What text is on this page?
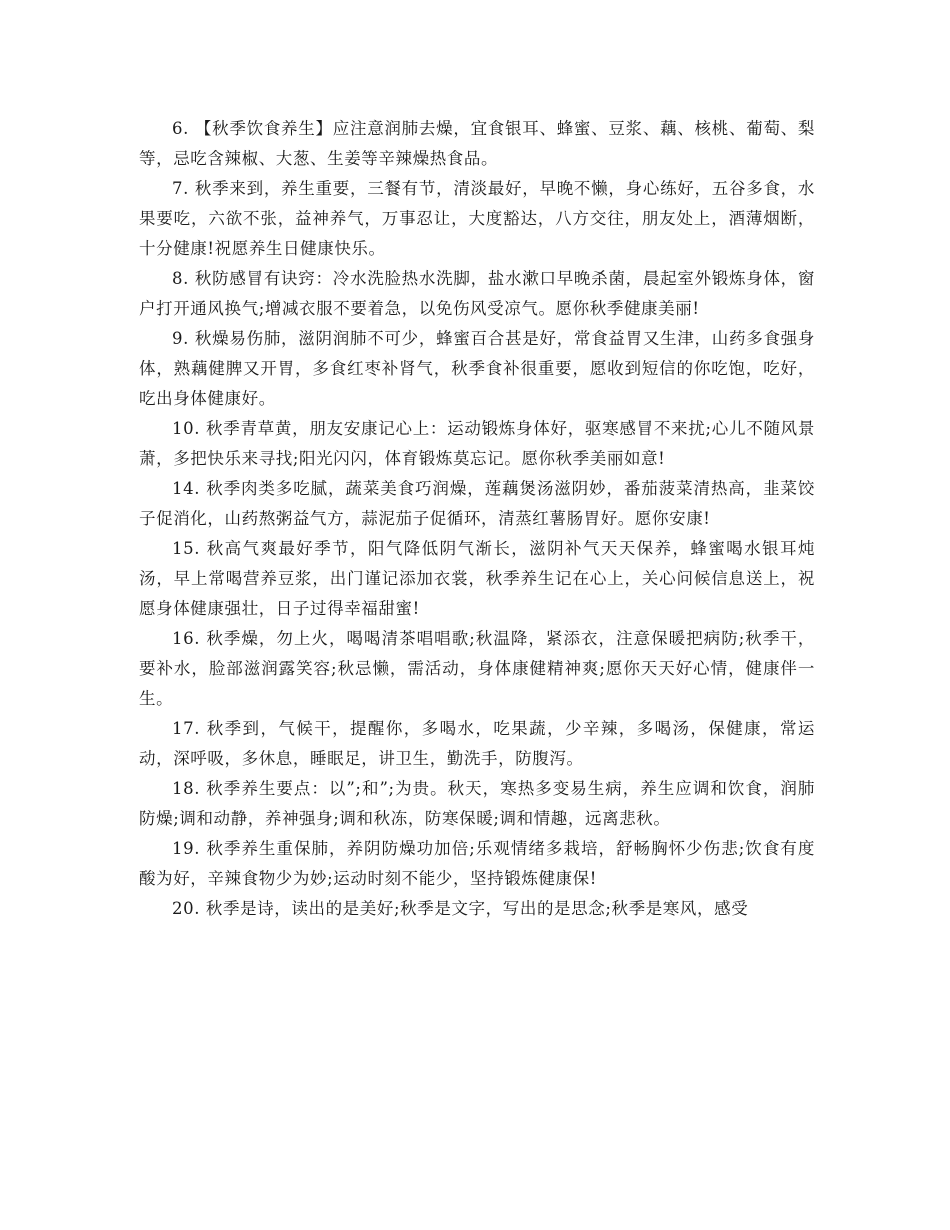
6. 【秋季饮食养生】应注意润肺去燥，宜食银耳、蜂蜜、豆浆、藕、核桃、葡萄、梨等，忌吃含辣椒、大葱、生姜等辛辣燥热食品。

7. 秋季来到，养生重要，三餐有节，清淡最好，早晚不懒，身心练好，五谷多食，水果要吃，六欲不张，益神养气，万事忍让，大度豁达，八方交往，朋友处上，酒薄烟断，十分健康!祝愿养生日健康快乐。

8. 秋防感冒有诀窍：冷水洗脸热水洗脚，盐水漱口早晚杀菌，晨起室外锻炼身体，窗户打开通风换气;增减衣服不要着急，以免伤风受凉气。愿你秋季健康美丽!

9. 秋燥易伤肺，滋阴润肺不可少，蜂蜜百合甚是好，常食益胃又生津，山药多食强身体，熟藕健脾又开胃，多食红枣补肾气，秋季食补很重要，愿收到短信的你吃饱，吃好，吃出身体健康好。

10. 秋季青草黄，朋友安康记心上：运动锻炼身体好，驱寒感冒不来扰;心儿不随风景萧，多把快乐来寻找;阳光闪闪，体育锻炼莫忘记。愿你秋季美丽如意!

14. 秋季肉类多吃腻，蔬菜美食巧润燥，莲藕煲汤滋阴妙，番茄菠菜清热高，韭菜饺子促消化，山药熬粥益气方，蒜泥茄子促循环，清蒸红薯肠胃好。愿你安康!

15. 秋高气爽最好季节，阳气降低阴气渐长，滋阴补气天天保养，蜂蜜喝水银耳炖汤，早上常喝营养豆浆，出门谨记添加衣裳，秋季养生记在心上，关心问候信息送上，祝愿身体健康强壮，日子过得幸福甜蜜!

16. 秋季燥，勿上火，喝喝清茶唱唱歌;秋温降，紧添衣，注意保暖把病防;秋季干，要补水，脸部滋润露笑容;秋忌懒，需活动，身体康健精神爽;愿你天天好心情，健康伴一生。

17. 秋季到，气候干，提醒你，多喝水，吃果蔬，少辛辣，多喝汤，保健康，常运动，深呼吸，多休息，睡眠足，讲卫生，勤洗手，防腹泻。

18. 秋季养生要点：以”;和”;为贵。秋天，寒热多变易生病，养生应调和饮食，润肺防燥;调和动静，养神强身;调和秋冻，防寒保暖;调和情趣，远离悲秋。

19. 秋季养生重保肺，养阴防燥功加倍;乐观情绪多栽培，舒畅胸怀少伤悲;饮食有度酸为好，辛辣食物少为妙;运动时刻不能少，坚持锻炼健康保!

20. 秋季是诗，读出的是美好;秋季是文字，写出的是思念;秋季是寒风，感受
